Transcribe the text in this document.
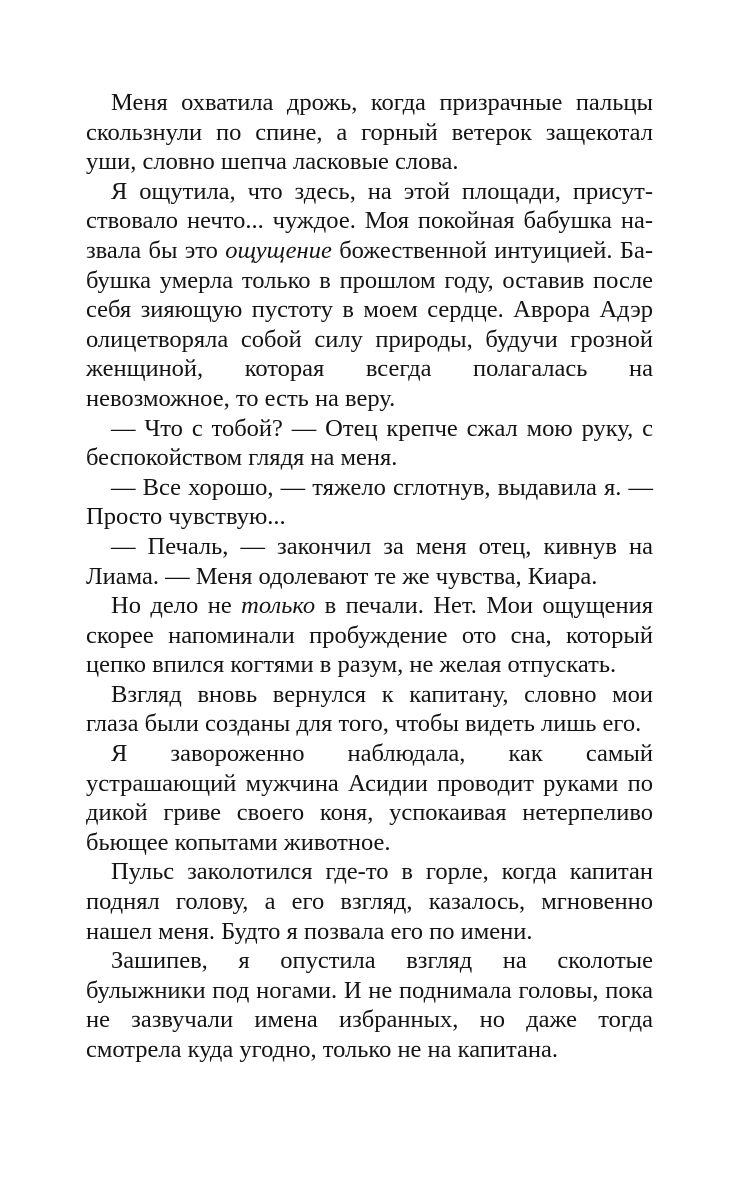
Меня охватила дрожь, когда призрачные пальцы скользнули по спине, а горный ветерок защекотал уши, словно шепча ласковые слова.

Я ощутила, что здесь, на этой площади, присутствовало нечто... чуждое. Моя покойная бабушка назвала бы это ощущение божественной интуицией. Бабушка умерла только в прошлом году, оставив после себя зияющую пустоту в моем сердце. Аврора Адэр олицетворяла собой силу природы, будучи грозной женщиной, которая всегда полагалась на невозможное, то есть на веру.

— Что с тобой? — Отец крепче сжал мою руку, с беспокойством глядя на меня.

— Все хорошо, — тяжело сглотнув, выдавила я. — Просто чувствую...

— Печаль, — закончил за меня отец, кивнув на Лиама. — Меня одолевают те же чувства, Киара.

Но дело не только в печали. Нет. Мои ощущения скорее напоминали пробуждение ото сна, который цепко впился когтями в разум, не желая отпускать.

Взгляд вновь вернулся к капитану, словно мои глаза были созданы для того, чтобы видеть лишь его.

Я завороженно наблюдала, как самый устрашающий мужчина Асидии проводит руками по дикой гриве своего коня, успокаивая нетерпеливо бьющее копытами животное.

Пульс заколотился где-то в горле, когда капитан поднял голову, а его взгляд, казалось, мгновенно нашел меня. Будто я позвала его по имени.

Зашипев, я опустила взгляд на сколотые булыжники под ногами. И не поднимала головы, пока не зазвучали имена избранных, но даже тогда смотрела куда угодно, только не на капитана.
